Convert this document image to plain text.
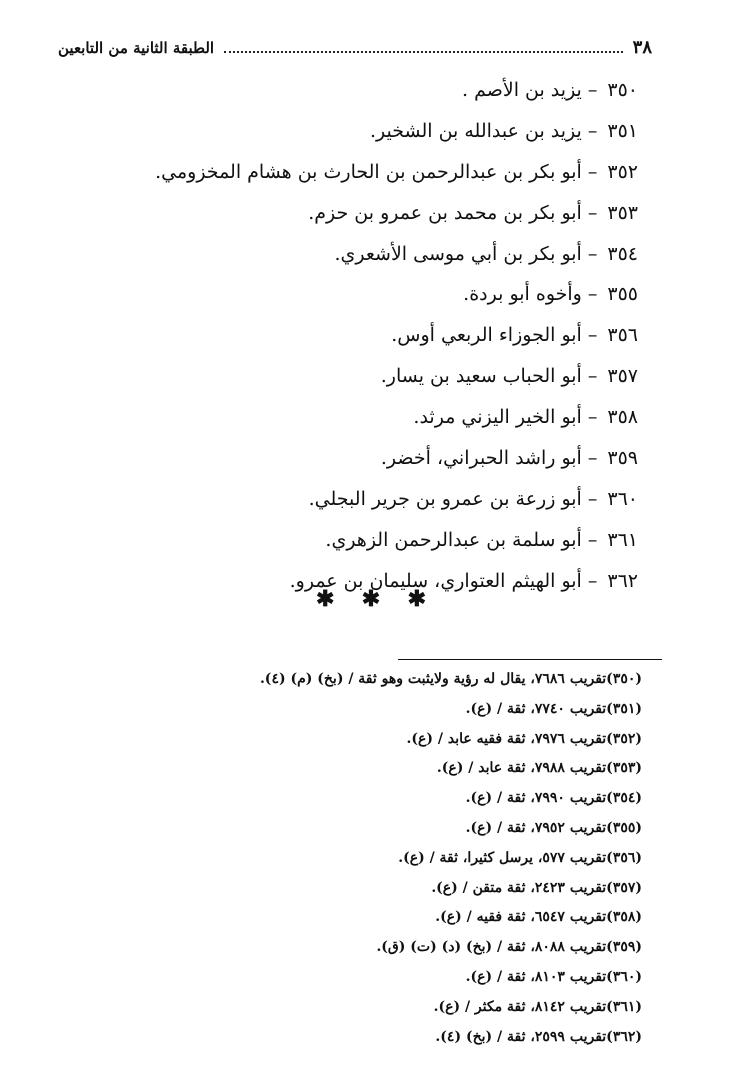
٣٨
الطبقة الثانية من التابعين
٣٥٠– يزيد بن الأصم .
٣٥١– يزيد بن عبدالله بن الشخير.
٣٥٢– أبو بكر بن عبدالرحمن بن الحارث بن هشام المخزومي.
٣٥٣– أبو بكر بن محمد بن عمرو بن حزم.
٣٥٤– أبو بكر بن أبي موسى الأشعري.
٣٥٥– وأخوه أبو بردة.
٣٥٦– أبو الجوزاء الربعي أوس.
٣٥٧– أبو الحباب سعيد بن يسار.
٣٥٨– أبو الخير اليزني مرثد.
٣٥٩– أبو راشد الحبراني، أخضر.
٣٦٠– أبو زرعة بن عمرو بن جرير البجلي.
٣٦١– أبو سلمة بن عبدالرحمن الزهري.
٣٦٢– أبو الهيثم العتواري، سليمان بن عمرو.
✱ ✱ ✱
(٣٥٠)تقريب ٧٦٨٦، يقال له رؤية ولايثبت وهو ثقة / (بخ) (م) (٤).
(٣٥١)تقريب ٧٧٤٠، ثقة / (ع).
(٣٥٢)تقريب ٧٩٧٦، ثقة فقيه عابد / (ع).
(٣٥٣)تقريب ٧٩٨٨، ثقة عابد / (ع).
(٣٥٤)تقريب ٧٩٩٠، ثقة / (ع).
(٣٥٥)تقريب ٧٩٥٢، ثقة / (ع).
(٣٥٦)تقريب ٥٧٧، يرسل كثيرا، ثقة / (ع).
(٣٥٧)تقريب ٢٤٢٣، ثقة متقن / (ع).
(٣٥٨)تقريب ٦٥٤٧، ثقة فقيه / (ع).
(٣٥٩)تقريب ٨٠٨٨، ثقة / (بخ) (د) (ت) (ق).
(٣٦٠)تقريب ٨١٠٣، ثقة / (ع).
(٣٦١)تقريب ٨١٤٢، ثقة مكثر / (ع).
(٣٦٢)تقريب ٢٥٩٩، ثقة / (بخ) (٤).
